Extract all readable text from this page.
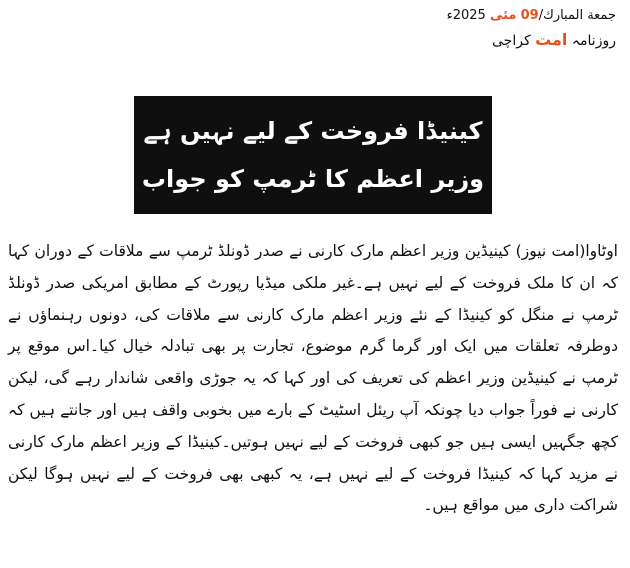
جمعة المبارك/09 مئی 2025ء
روزنامہ امت کراچی
کینیڈا فروخت کے لیے نہیں ہے
وزیر اعظم کا ٹرمپ کو جواب
اوٹاوا(امت نیوز) کینیڈین وزیر اعظم مارک کارنی نے صدر ڈونلڈ ٹرمپ سے ملاقات کے دوران کہا کہ ان کا ملک فروخت کے لیے نہیں ہے۔غیر ملکی میڈیا رپورٹ کے مطابق امریکی صدر ڈونلڈ ٹرمپ نے منگل کو کینیڈا کے نئے وزیر اعظم مارک کارنی سے ملاقات کی، دونوں رہنماؤں نے دوطرفہ تعلقات میں ایک اور گرما گرم موضوع، تجارت پر بھی تبادلہ خیال کیا۔اس موقع پر ٹرمپ نے کینیڈین وزیر اعظم کی تعریف کی اور کہا کہ یہ جوڑی واقعی شاندار رہے گی، لیکن کارنی نے فوراً جواب دیا چونکہ آپ ریئل اسٹیٹ کے بارے میں بخوبی واقف ہیں اور جانتے ہیں کہ کچھ جگہیں ایسی ہیں جو کبھی فروخت کے لیے نہیں ہوتیں۔کینیڈا کے وزیر اعظم مارک کارنی نے مزید کہا کہ کینیڈا فروخت کے لیے نہیں ہے، یہ کبھی بھی فروخت کے لیے نہیں ہوگا لیکن شراکت داری میں مواقع ہیں۔
